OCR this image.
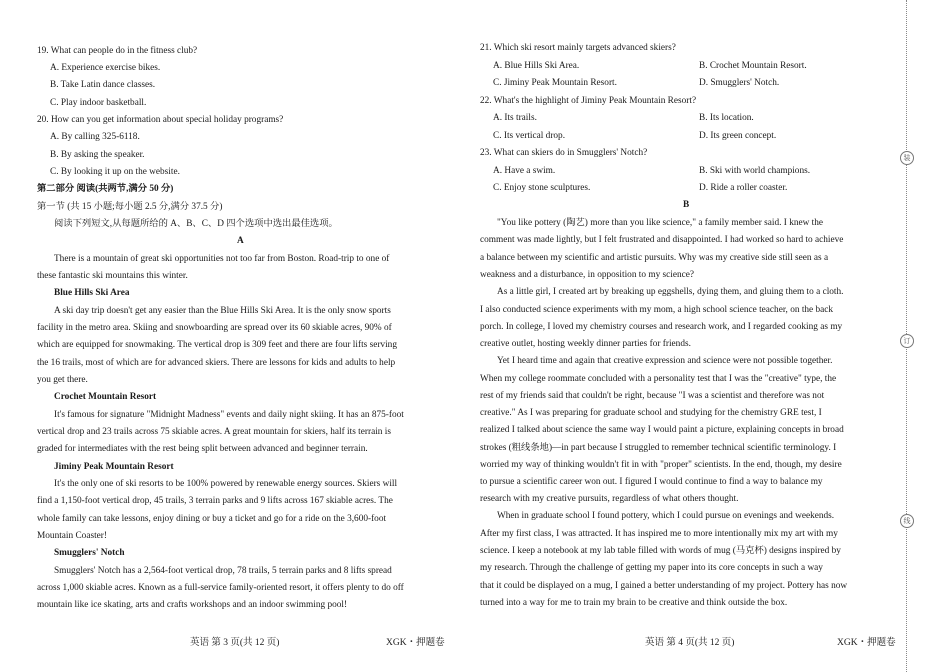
19. What can people do in the fitness club?
A. Experience exercise bikes.
B. Take Latin dance classes.
C. Play indoor basketball.
20. How can you get information about special holiday programs?
A. By calling 325-6118.
B. By asking the speaker.
C. By looking it up on the website.
第二部分 阅读(共两节,满分 50 分)
第一节 (共 15 小题;每小题 2.5 分,满分 37.5 分)
阅读下列短文,从每题所给的 A、B、C、D 四个选项中选出最佳选项。
A
There is a mountain of great ski opportunities not too far from Boston. Road-trip to one of
these fantastic ski mountains this winter.
Blue Hills Ski Area
A ski day trip doesn't get any easier than the Blue Hills Ski Area. It is the only snow sports
facility in the metro area. Skiing and snowboarding are spread over its 60 skiable acres, 90% of
which are equipped for snowmaking. The vertical drop is 309 feet and there are four lifts serving
the 16 trails, most of which are for advanced skiers. There are lessons for kids and adults to help
you get there.
Crochet Mountain Resort
It's famous for signature "Midnight Madness" events and daily night skiing. It has an 875-foot
vertical drop and 23 trails across 75 skiable acres. A great mountain for skiers, half its terrain is
graded for intermediates with the rest being split between advanced and beginner terrain.
Jiminy Peak Mountain Resort
It's the only one of ski resorts to be 100% powered by renewable energy sources. Skiers will
find a 1,150-foot vertical drop, 45 trails, 3 terrain parks and 9 lifts across 167 skiable acres. The
whole family can take lessons, enjoy dining or buy a ticket and go for a ride on the 3,600-foot
Mountain Coaster!
Smugglers' Notch
Smugglers' Notch has a 2,564-foot vertical drop, 78 trails, 5 terrain parks and 8 lifts spread
across 1,000 skiable acres. Known as a full-service family-oriented resort, it offers plenty to do off
mountain like ice skating, arts and crafts workshops and an indoor swimming pool!
英语 第 3 页(共 12 页)	XGK・押题卷
21. Which ski resort mainly targets advanced skiers?
A. Blue Hills Ski Area.	B. Crochet Mountain Resort.
C. Jiminy Peak Mountain Resort.	D. Smugglers' Notch.
22. What's the highlight of Jiminy Peak Mountain Resort?
A. Its trails.	B. Its location.
C. Its vertical drop.	D. Its green concept.
23. What can skiers do in Smugglers' Notch?
A. Have a swim.	B. Ski with world champions.
C. Enjoy stone sculptures.	D. Ride a roller coaster.
B
"You like pottery (陶艺) more than you like science," a family member said. I knew the
comment was made lightly, but I felt frustrated and disappointed. I had worked so hard to achieve
a balance between my scientific and artistic pursuits. Why was my creative side still seen as a
weakness and a disturbance, in opposition to my science?
As a little girl, I created art by breaking up eggshells, dying them, and gluing them to a cloth.
I also conducted science experiments with my mom, a high school science teacher, on the back
porch. In college, I loved my chemistry courses and research work, and I regarded cooking as my
creative outlet, hosting weekly dinner parties for friends.
Yet I heard time and again that creative expression and science were not possible together.
When my college roommate concluded with a personality test that I was the "creative" type, the
rest of my friends said that couldn't be right, because "I was a scientist and therefore was not
creative." As I was preparing for graduate school and studying for the chemistry GRE test, I
realized I talked about science the same way I would paint a picture, explaining concepts in broad
strokes (粗线条地)—in part because I struggled to remember technical scientific terminology. I
worried my way of thinking wouldn't fit in with "proper" scientists. In the end, though, my desire
to pursue a scientific career won out. I figured I would continue to find a way to balance my
research with my creative pursuits, regardless of what others thought.
When in graduate school I found pottery, which I could pursue on evenings and weekends.
After my first class, I was attracted. It has inspired me to more intentionally mix my art with my
science. I keep a notebook at my lab table filled with words of mug (马克杯) designs inspired by
my research. Through the challenge of getting my paper into its core concepts in such a way
that it could be displayed on a mug, I gained a better understanding of my project. Pottery has now
turned into a way for me to train my brain to be creative and think outside the box.
英语 第 4 页(共 12 页)	XGK・押题卷
装
订
线
